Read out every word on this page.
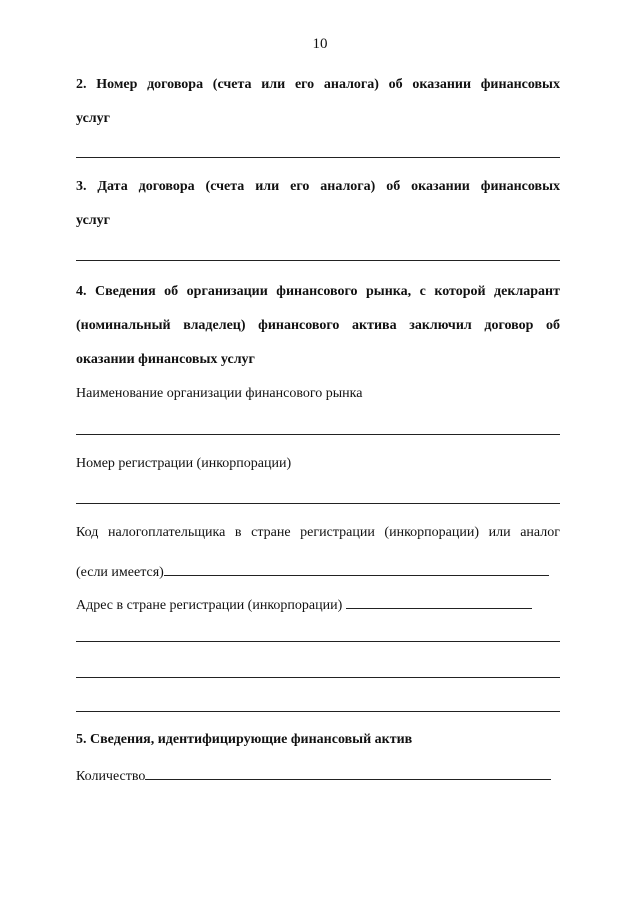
10
2. Номер договора (счета или его аналога) об оказании финансовых
услуг
3. Дата договора (счета или его аналога) об оказании финансовых
услуг
4. Сведения об организации финансового рынка, с которой декларант
(номинальный владелец) финансового актива заключил договор об
оказании финансовых услуг
Наименование организации финансового рынка
Номер регистрации (инкорпорации)
Код налогоплательщика в стране регистрации (инкорпорации) или аналог
(если имеется)
Адрес в стране регистрации (инкорпорации)
5. Сведения, идентифицирующие финансовый актив
Количество
